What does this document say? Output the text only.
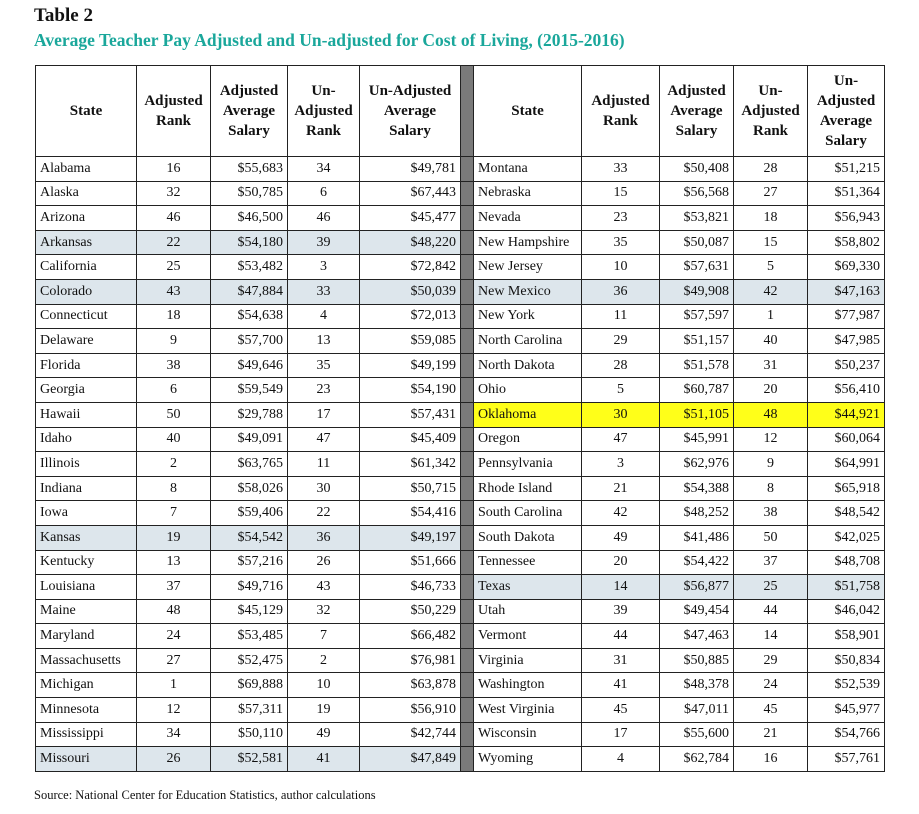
Table 2
Average Teacher Pay Adjusted and Un-adjusted for Cost of Living, (2015-2016)
State	Adjusted Rank	Adjusted Average Salary	Un-Adjusted Rank	Un-Adjusted Average Salary		State	Adjusted Rank	Adjusted Average Salary	Un-Adjusted Rank	Un-Adjusted Average Salary
Alabama	16	$55,683	34	$49,781		Montana	33	$50,408	28	$51,215
Alaska	32	$50,785	6	$67,443		Nebraska	15	$56,568	27	$51,364
Arizona	46	$46,500	46	$45,477		Nevada	23	$53,821	18	$56,943
Arkansas	22	$54,180	39	$48,220		New Hampshire	35	$50,087	15	$58,802
California	25	$53,482	3	$72,842		New Jersey	10	$57,631	5	$69,330
Colorado	43	$47,884	33	$50,039		New Mexico	36	$49,908	42	$47,163
Connecticut	18	$54,638	4	$72,013		New York	11	$57,597	1	$77,987
Delaware	9	$57,700	13	$59,085		North Carolina	29	$51,157	40	$47,985
Florida	38	$49,646	35	$49,199		North Dakota	28	$51,578	31	$50,237
Georgia	6	$59,549	23	$54,190		Ohio	5	$60,787	20	$56,410
Hawaii	50	$29,788	17	$57,431		Oklahoma	30	$51,105	48	$44,921
Idaho	40	$49,091	47	$45,409		Oregon	47	$45,991	12	$60,064
Illinois	2	$63,765	11	$61,342		Pennsylvania	3	$62,976	9	$64,991
Indiana	8	$58,026	30	$50,715		Rhode Island	21	$54,388	8	$65,918
Iowa	7	$59,406	22	$54,416		South Carolina	42	$48,252	38	$48,542
Kansas	19	$54,542	36	$49,197		South Dakota	49	$41,486	50	$42,025
Kentucky	13	$57,216	26	$51,666		Tennessee	20	$54,422	37	$48,708
Louisiana	37	$49,716	43	$46,733		Texas	14	$56,877	25	$51,758
Maine	48	$45,129	32	$50,229		Utah	39	$49,454	44	$46,042
Maryland	24	$53,485	7	$66,482		Vermont	44	$47,463	14	$58,901
Massachusetts	27	$52,475	2	$76,981		Virginia	31	$50,885	29	$50,834
Michigan	1	$69,888	10	$63,878		Washington	41	$48,378	24	$52,539
Minnesota	12	$57,311	19	$56,910		West Virginia	45	$47,011	45	$45,977
Mississippi	34	$50,110	49	$42,744		Wisconsin	17	$55,600	21	$54,766
Missouri	26	$52,581	41	$47,849		Wyoming	4	$62,784	16	$57,761
Source: National Center for Education Statistics, author calculations
